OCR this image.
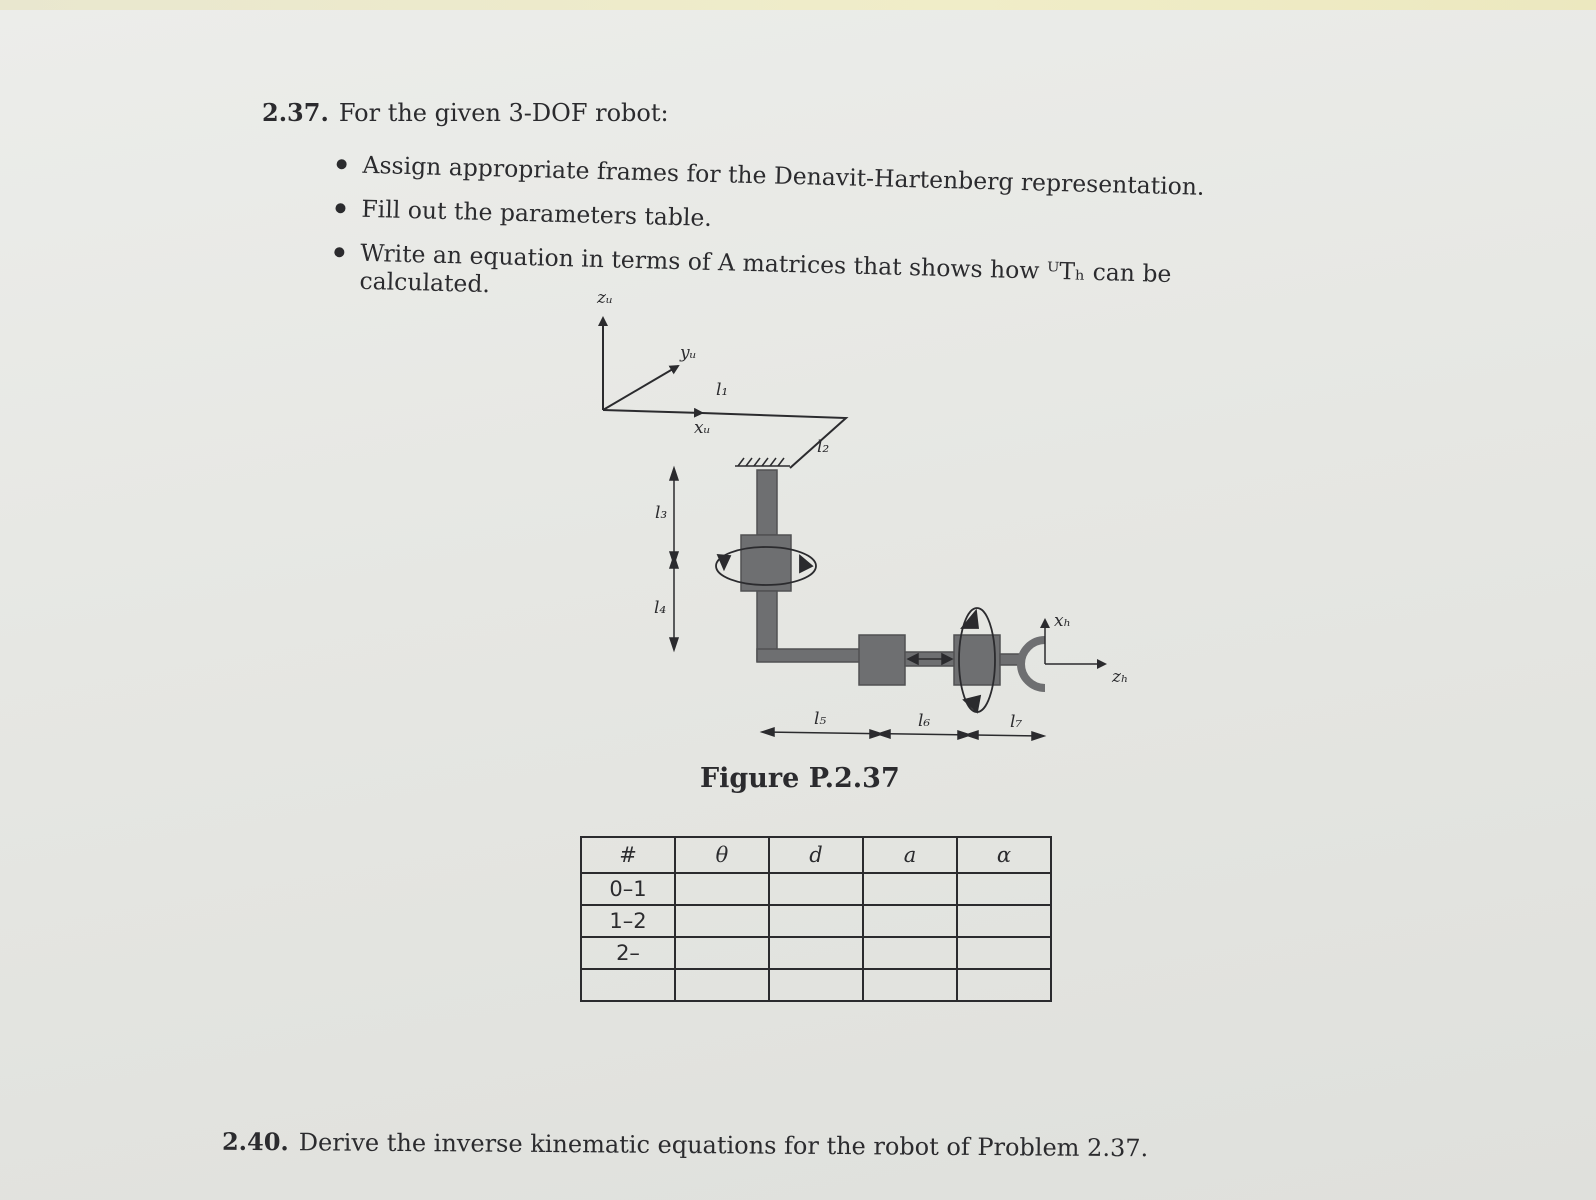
2.37. For the given 3-DOF robot:
Assign appropriate frames for the Denavit-Hartenberg representation.
Fill out the parameters table.
Write an equation in terms of A matrices that shows how ᵁTₕ can be calculated.	zᵤ
yᵤ
xᵤ
l₁
l₂
l₃
l₄
l₅	l₆	l₇
xₕ
zₕ
Figure P.2.37
#	θ	d	a	α
0–1				
1–2				
2–				

2.40. Derive the inverse kinematic equations for the robot of Problem 2.37.
